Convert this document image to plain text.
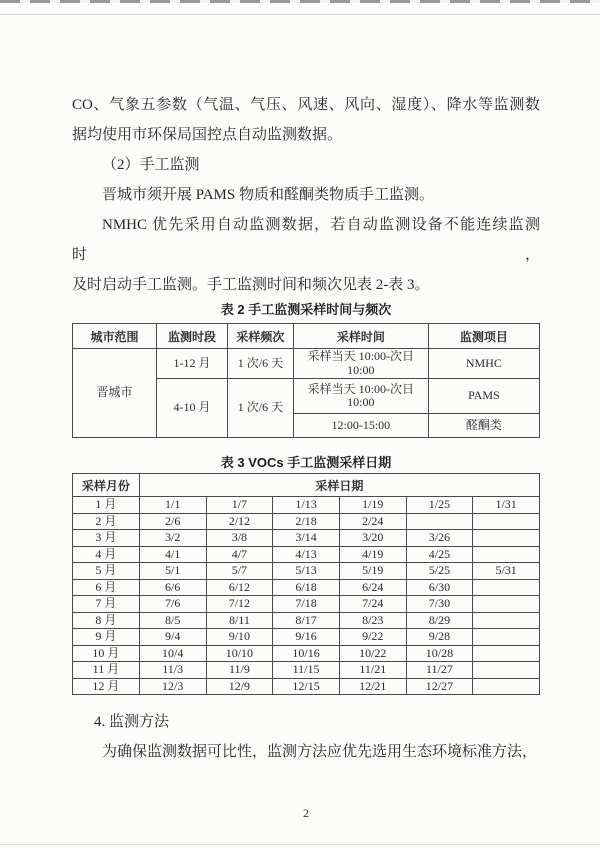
CO、气象五参数（气温、气压、风速、风向、湿度）、降水等监测数
据均使用市环保局国控点自动监测数据。
（2）手工监测
晋城市须开展 PAMS 物质和醛酮类物质手工监测。
NMHC 优先采用自动监测数据，若自动监测设备不能连续监测时，
及时启动手工监测。手工监测时间和频次见表 2-表 3。
表 2 手工监测采样时间与频次
城市范围	监测时段	采样频次	采样时间	监测项目
晋城市	1-12 月	1 次/6 天	采样当天 10:00-次日 10:00	NMHC
	4-10 月	1 次/6 天	采样当天 10:00-次日 10:00	PAMS
			12:00-15:00	醛酮类
表 3 VOCs 手工监测采样日期
采样月份	采样日期					
1 月	1/1	1/7	1/13	1/19	1/25	1/31
2 月	2/6	2/12	2/18	2/24		
3 月	3/2	3/8	3/14	3/20	3/26	
4 月	4/1	4/7	4/13	4/19	4/25	
5 月	5/1	5/7	5/13	5/19	5/25	5/31
6 月	6/6	6/12	6/18	6/24	6/30	
7 月	7/6	7/12	7/18	7/24	7/30	
8 月	8/5	8/11	8/17	8/23	8/29	
9 月	9/4	9/10	9/16	9/22	9/28	
10 月	10/4	10/10	10/16	10/22	10/28	
11 月	11/3	11/9	11/15	11/21	11/27	
12 月	12/3	12/9	12/15	12/21	12/27	
4. 监测方法
为确保监测数据可比性，监测方法应优先选用生态环境标准方法，
2
